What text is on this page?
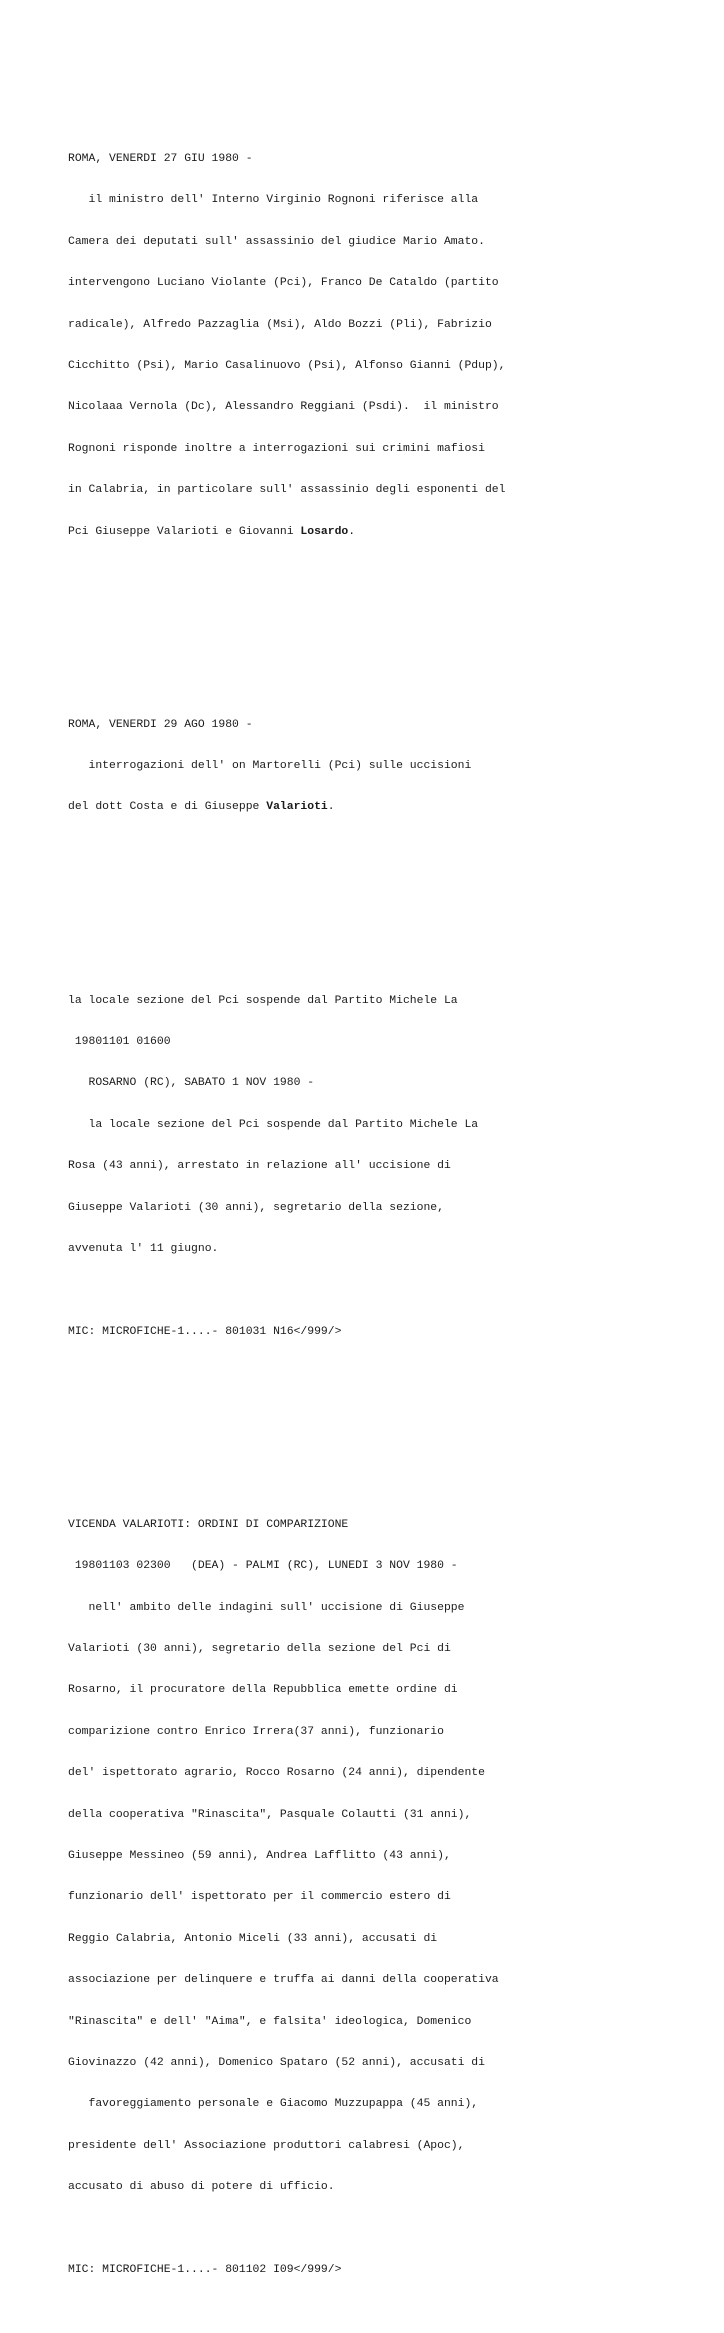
ROMA, VENERDI 27 GIU 1980 -

il ministro dell' Interno Virginio Rognoni riferisce alla

Camera dei deputati sull' assassinio del giudice Mario Amato.

intervengono Luciano Violante (Pci), Franco De Cataldo (partito

radicale), Alfredo Pazzaglia (Msi), Aldo Bozzi (Pli), Fabrizio

Cicchitto (Psi), Mario Casalinuovo (Psi), Alfonso Gianni (Pdup),

Nicolaaa Vernola (Dc), Alessandro Reggiani (Psdi).  il ministro

Rognoni risponde inoltre a interrogazioni sui crimini mafiosi

in Calabria, in particolare sull' assassinio degli esponenti del

Pci Giuseppe Valarioti e Giovanni Losardo.

ROMA, VENERDI 29 AGO 1980 -

interrogazioni dell' on Martorelli (Pci) sulle uccisioni

del dott Costa e di Giuseppe Valarioti.

la locale sezione del Pci sospende dal Partito Michele La

19801101 01600

ROSARNO (RC), SABATO 1 NOV 1980 -

la locale sezione del Pci sospende dal Partito Michele La

Rosa (43 anni), arrestato in relazione all' uccisione di

Giuseppe Valarioti (30 anni), segretario della sezione,

avvenuta l' 11 giugno.

MIC: MICROFICHE-1....- 801031 N16</999/>

VICENDA VALARIOTI: ORDINI DI COMPARIZIONE

19801103 02300   (DEA) - PALMI (RC), LUNEDI 3 NOV 1980 -

nell' ambito delle indagini sull' uccisione di Giuseppe

Valarioti (30 anni), segretario della sezione del Pci di

Rosarno, il procuratore della Repubblica emette ordine di

comparizione contro Enrico Irrera(37 anni), funzionario

del' ispettorato agrario, Rocco Rosarno (24 anni), dipendente

della cooperativa "Rinascita", Pasquale Colautti (31 anni),

Giuseppe Messineo (59 anni), Andrea Lafflitto (43 anni),

funzionario dell' ispettorato per il commercio estero di

Reggio Calabria, Antonio Miceli (33 anni), accusati di

associazione per delinquere e truffa ai danni della cooperativa

"Rinascita" e dell' "Aima", e falsita' ideologica, Domenico

Giovinazzo (42 anni), Domenico Spataro (52 anni), accusati di

favoreggiamento personale e Giacomo Muzzupappa (45 anni),

presidente dell' Associazione produttori calabresi (Apoc),

accusato di abuso di potere di ufficio.

MIC: MICROFICHE-1....- 801102 I09</999/>
